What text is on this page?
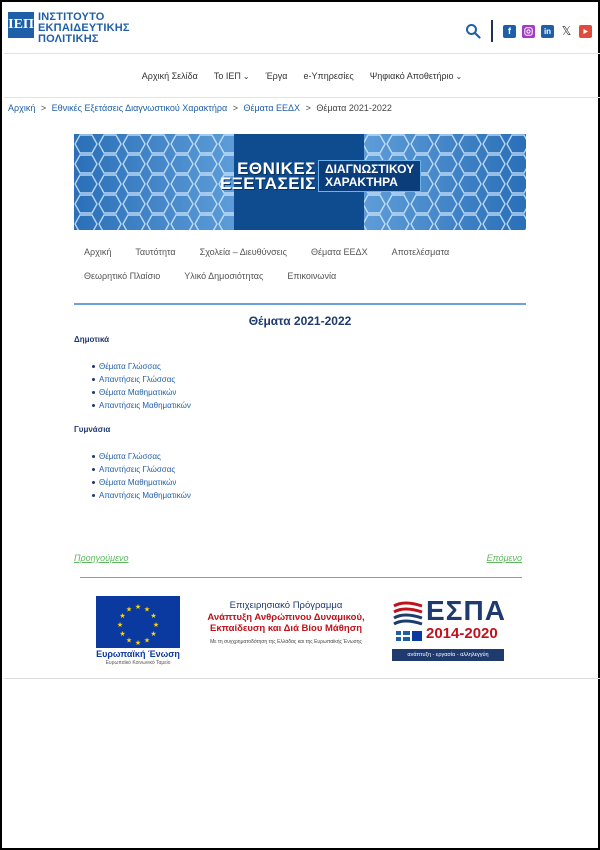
ΙΕΠ ΙΝΣΤΙΤΟΥΤΟ
ΕΚΠΑΙΔΕΥΤΙΚΗΣ
ΠΟΛΙΤΙΚΗΣ
f	in 𝕏
Αρχική Σελίδα Το ΙΕΠ ⌄ Έργα e-Υπηρεσίες Ψηφιακό Αποθετήριο ⌄
Αρχική > Εθνικές Εξετάσεις Διαγνωστικού Χαρακτήρα > Θέματα ΕΕΔΧ > Θέματα 2021-2022
ΕΘΝΙΚΕΣ
ΕΞΕΤΑΣΕΙΣ
ΔΙΑΓΝΩΣΤΙΚΟΥ
ΧΑΡΑΚΤΗΡΑ
Αρχική	Ταυτότητα	Σχολεία – Διευθύνσεις	Θέματα ΕΕΔΧ	Αποτελέσματα
Θεωρητικό Πλαίσιο	Υλικό Δημοσιότητας	Επικοινωνία
Θέματα 2021-2022
Δημοτικά
Θέματα Γλώσσας
Απαντήσεις Γλώσσας
Θέματα Μαθηματικών
Απαντήσεις Μαθηματικών
Γυμνάσια
Θέματα Γλώσσας
Απαντήσεις Γλώσσας
Θέματα Μαθηματικών
Απαντήσεις Μαθηματικών
Προηγούμενο	Επόμενο
★ ★
★
★
★
★
★
★
★
★
★
★
Ευρωπαϊκή Ένωση
Ευρωπαϊκό Κοινωνικό Ταμείο
Επιχειρησιακό Πρόγραμμα
Ανάπτυξη Ανθρώπινου Δυναμικού,
Εκπαίδευση και Διά Βίου Μάθηση
Με τη συγχρηματοδότηση της Ελλάδας και της Ευρωπαϊκής Ένωσης
ΕΣΠΑ
2014-2020
ανάπτυξη - εργασία - αλληλεγγύη
